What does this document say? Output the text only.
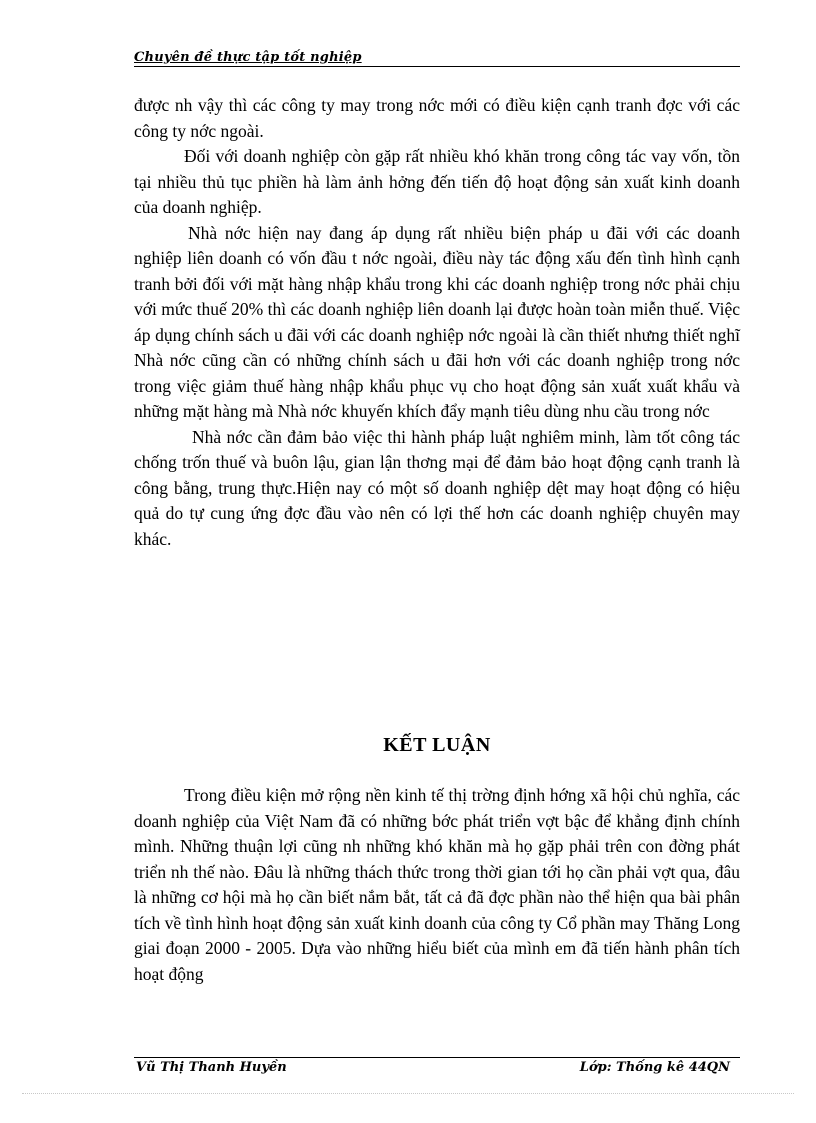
Chuyên đề thực tập tốt nghiệp

được nh vậy thì các công ty may trong nớc mới có điều kiện cạnh tranh đợc với các công ty nớc ngoài.

Đối với doanh nghiệp còn gặp rất nhiều khó khăn trong công tác vay vốn, tồn tại nhiều thủ tục phiền hà làm ảnh hởng đến tiến độ hoạt động sản xuất kinh doanh của doanh nghiệp.

Nhà nớc hiện nay đang áp dụng rất nhiều biện pháp u đãi với các doanh nghiệp liên doanh có vốn đầu t nớc ngoài, điều này tác động xấu đến tình hình cạnh tranh bởi đối với mặt hàng nhập khẩu trong khi các doanh nghiệp trong nớc phải chịu với mức thuế 20% thì các doanh nghiệp liên doanh lại được hoàn toàn miễn thuế. Việc áp dụng chính sách u đãi với các doanh nghiệp nớc ngoài là cần thiết nhưng thiết nghĩ Nhà nớc cũng cần có những chính sách u đãi hơn với các doanh nghiệp trong nớc trong việc giảm thuế hàng nhập khẩu phục vụ cho hoạt động sản xuất xuất khẩu và những mặt hàng mà Nhà nớc khuyến khích đẩy mạnh tiêu dùng nhu cầu trong nớc

Nhà nớc cần đảm bảo việc thi hành pháp luật nghiêm minh, làm tốt công tác chống trốn thuế và buôn lậu, gian lận thơng mại để đảm bảo hoạt động cạnh tranh là công bằng, trung thực.Hiện nay có một số doanh nghiệp dệt may hoạt động có hiệu quả do tự cung ứng đợc đầu vào nên có lợi thế hơn các doanh nghiệp chuyên may khác.

KẾT LUẬN

Trong điều kiện mở rộng nền kinh tế thị trờng định hớng xã hội chủ nghĩa, các doanh nghiệp của Việt Nam đã có những bớc phát triển vợt bậc để khẳng định chính mình. Những thuận lợi cũng nh những khó khăn mà họ gặp phải trên con đờng phát triển nh thế nào. Đâu là những thách thức trong thời gian tới họ cần phải vợt qua, đâu là những cơ hội mà họ cần biết nắm bắt, tất cả đã đợc phần nào thể hiện qua bài phân tích về tình hình hoạt động sản xuất kinh doanh của công ty Cổ phần may Thăng Long giai đoạn 2000 - 2005. Dựa vào những hiểu biết của mình em đã tiến hành phân tích hoạt động

Vũ Thị Thanh Huyền	Lớp: Thống kê 44QN
